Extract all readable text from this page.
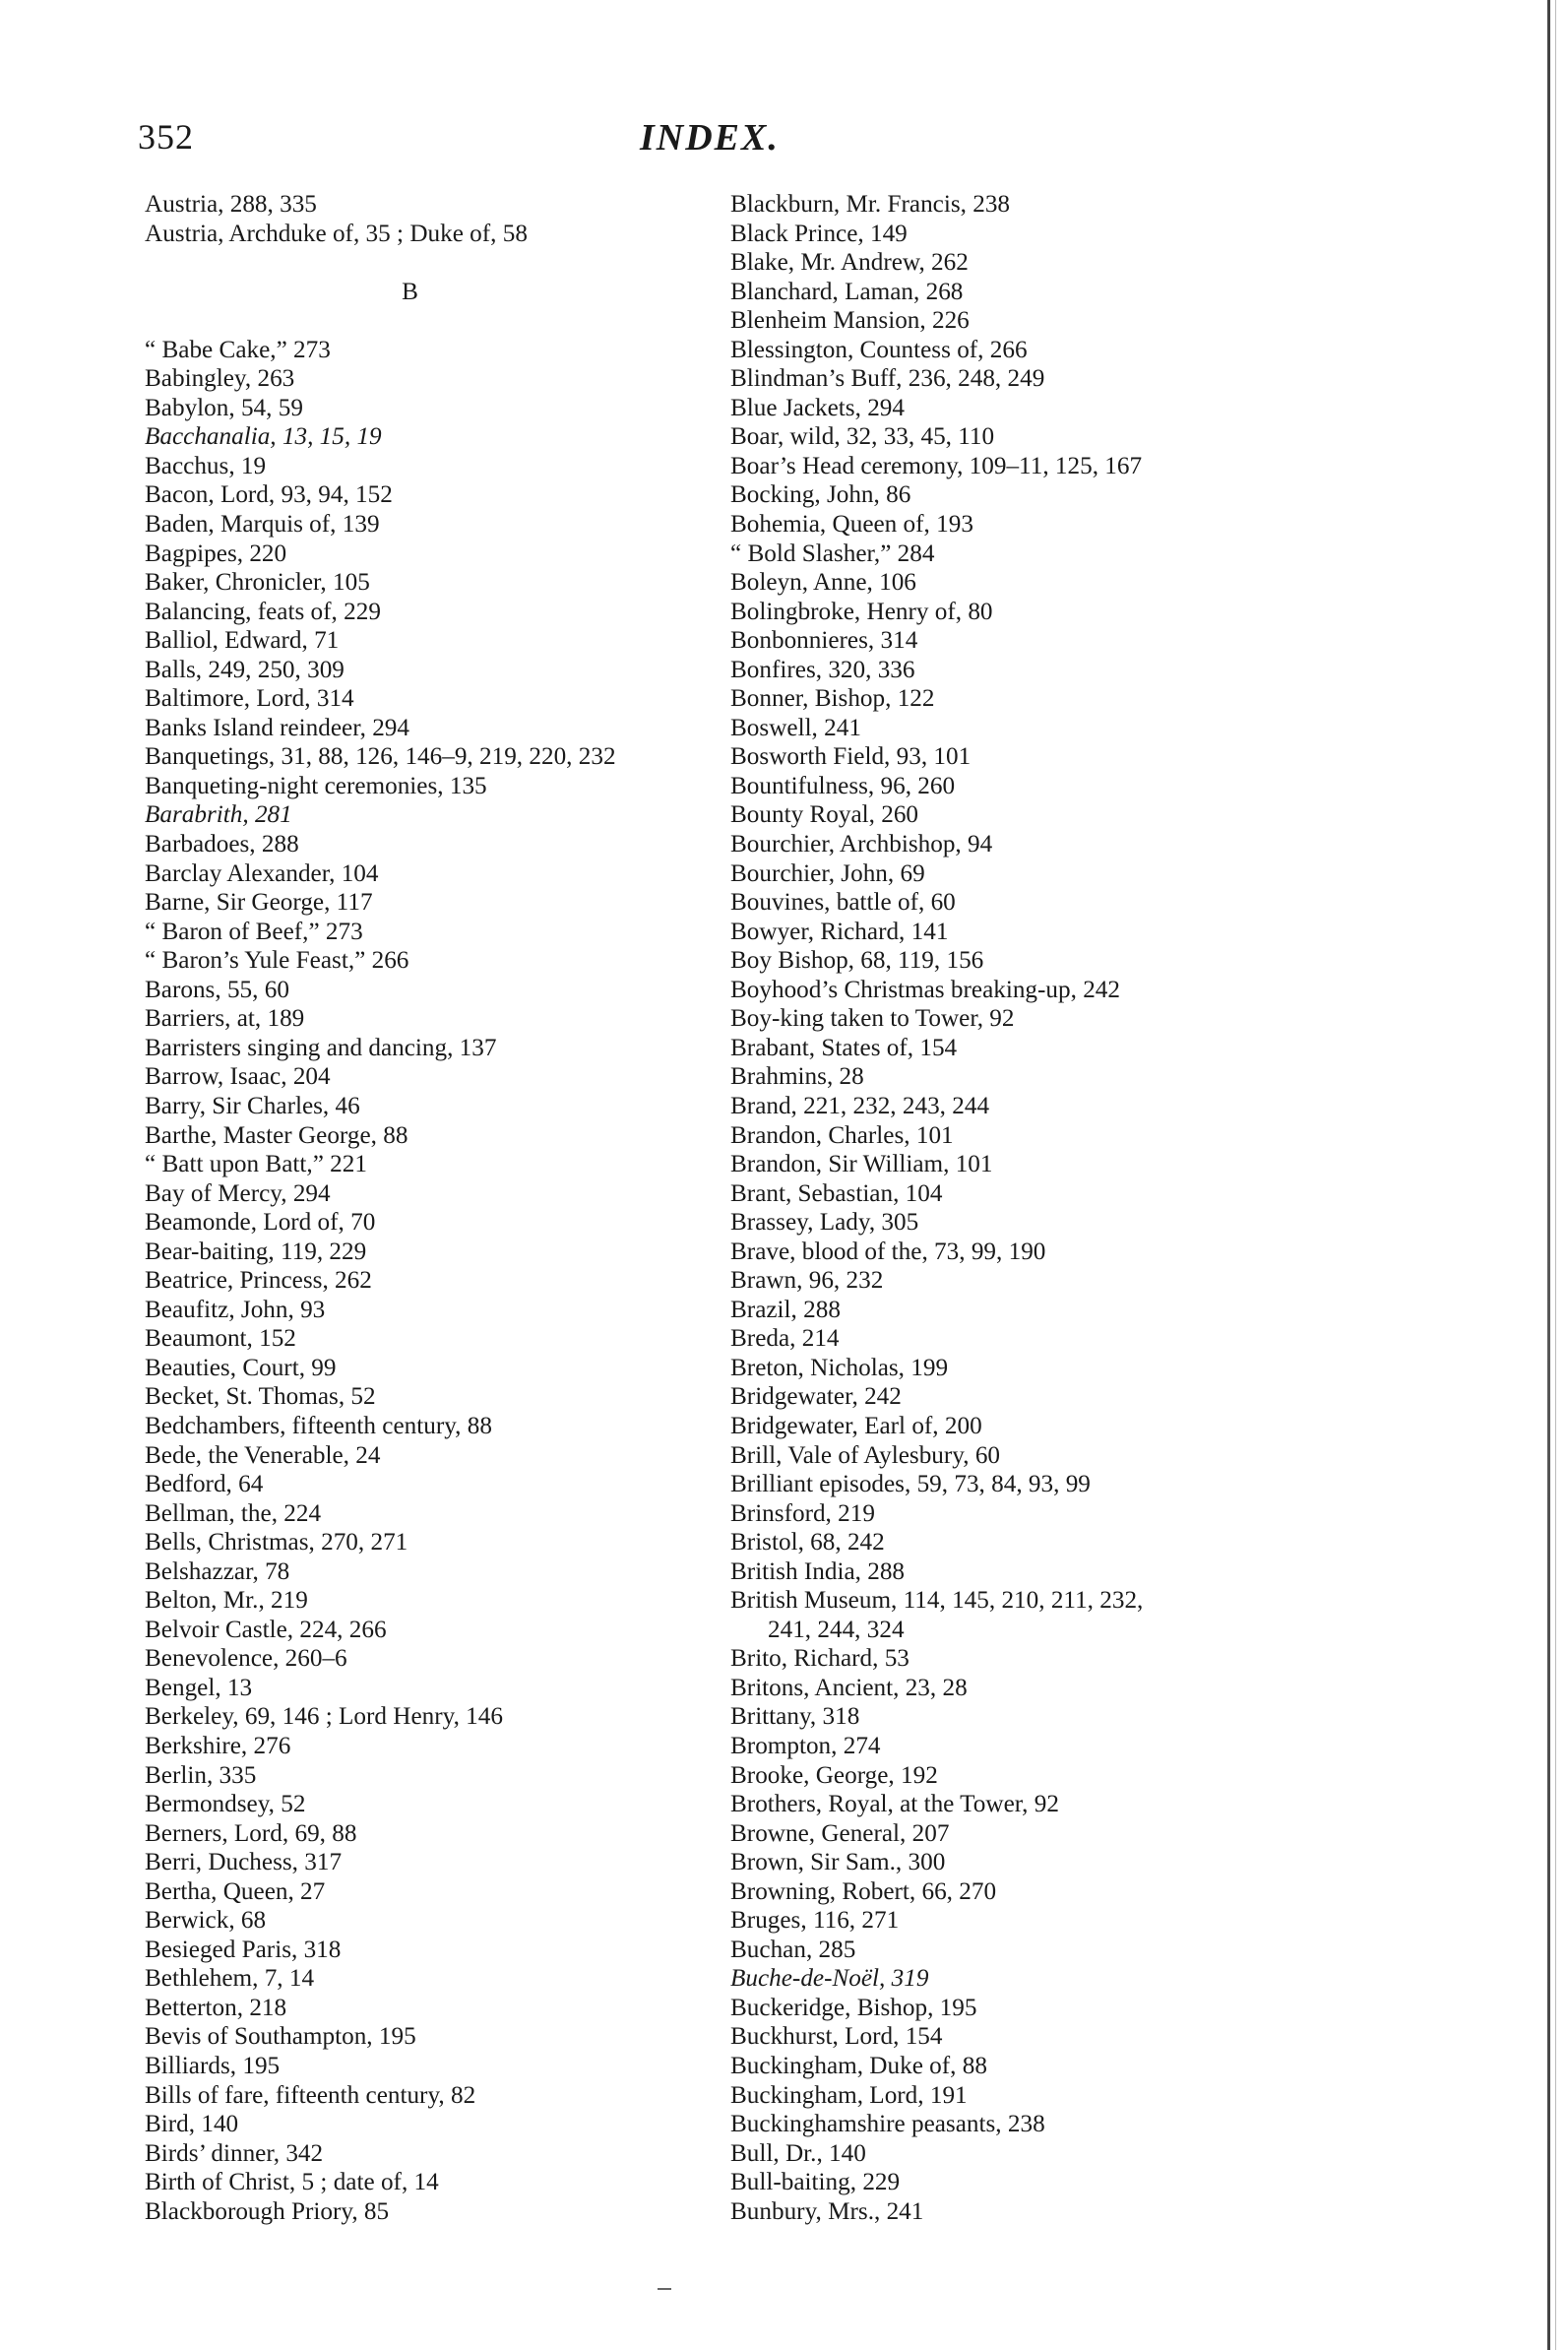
352	INDEX.
Austria, 288, 335
Austria, Archduke of, 35 ; Duke of, 58
B
“ Babe Cake,” 273
Babingley, 263
Babylon, 54, 59
Bacchanalia, 13, 15, 19
Bacchus, 19
Bacon, Lord, 93, 94, 152
Baden, Marquis of, 139
Bagpipes, 220
Baker, Chronicler, 105
Balancing, feats of, 229
Balliol, Edward, 71
Balls, 249, 250, 309
Baltimore, Lord, 314
Banks Island reindeer, 294
Banquetings, 31, 88, 126, 146–9, 219, 220, 232
Banqueting-night ceremonies, 135
Barabrith, 281
Barbadoes, 288
Barclay Alexander, 104
Barne, Sir George, 117
“ Baron of Beef,” 273
“ Baron’s Yule Feast,” 266
Barons, 55, 60
Barriers, at, 189
Barristers singing and dancing, 137
Barrow, Isaac, 204
Barry, Sir Charles, 46
Barthe, Master George, 88
“ Batt upon Batt,” 221
Bay of Mercy, 294
Beamonde, Lord of, 70
Bear-baiting, 119, 229
Beatrice, Princess, 262
Beaufitz, John, 93
Beaumont, 152
Beauties, Court, 99
Becket, St. Thomas, 52
Bedchambers, fifteenth century, 88
Bede, the Venerable, 24
Bedford, 64
Bellman, the, 224
Bells, Christmas, 270, 271
Belshazzar, 78
Belton, Mr., 219
Belvoir Castle, 224, 266
Benevolence, 260–6
Bengel, 13
Berkeley, 69, 146 ; Lord Henry, 146
Berkshire, 276
Berlin, 335
Bermondsey, 52
Berners, Lord, 69, 88
Berri, Duchess, 317
Bertha, Queen, 27
Berwick, 68
Besieged Paris, 318
Bethlehem, 7, 14
Betterton, 218
Bevis of Southampton, 195
Billiards, 195
Bills of fare, fifteenth century, 82
Bird, 140
Birds’ dinner, 342
Birth of Christ, 5 ; date of, 14
Blackborough Priory, 85
Blackburn, Mr. Francis, 238
Black Prince, 149
Blake, Mr. Andrew, 262
Blanchard, Laman, 268
Blenheim Mansion, 226
Blessington, Countess of, 266
Blindman’s Buff, 236, 248, 249
Blue Jackets, 294
Boar, wild, 32, 33, 45, 110
Boar’s Head ceremony, 109–11, 125, 167
Bocking, John, 86
Bohemia, Queen of, 193
“ Bold Slasher,” 284
Boleyn, Anne, 106
Bolingbroke, Henry of, 80
Bonbonnieres, 314
Bonfires, 320, 336
Bonner, Bishop, 122
Boswell, 241
Bosworth Field, 93, 101
Bountifulness, 96, 260
Bounty Royal, 260
Bourchier, Archbishop, 94
Bourchier, John, 69
Bouvines, battle of, 60
Bowyer, Richard, 141
Boy Bishop, 68, 119, 156
Boyhood’s Christmas breaking-up, 242
Boy-king taken to Tower, 92
Brabant, States of, 154
Brahmins, 28
Brand, 221, 232, 243, 244
Brandon, Charles, 101
Brandon, Sir William, 101
Brant, Sebastian, 104
Brassey, Lady, 305
Brave, blood of the, 73, 99, 190
Brawn, 96, 232
Brazil, 288
Breda, 214
Breton, Nicholas, 199
Bridgewater, 242
Bridgewater, Earl of, 200
Brill, Vale of Aylesbury, 60
Brilliant episodes, 59, 73, 84, 93, 99
Brinsford, 219
Bristol, 68, 242
British India, 288
British Museum, 114, 145, 210, 211, 232,
241, 244, 324
Brito, Richard, 53
Britons, Ancient, 23, 28
Brittany, 318
Brompton, 274
Brooke, George, 192
Brothers, Royal, at the Tower, 92
Browne, General, 207
Brown, Sir Sam., 300
Browning, Robert, 66, 270
Bruges, 116, 271
Buchan, 285
Buche-de-Noël, 319
Buckeridge, Bishop, 195
Buckhurst, Lord, 154
Buckingham, Duke of, 88
Buckingham, Lord, 191
Buckinghamshire peasants, 238
Bull, Dr., 140
Bull-baiting, 229
Bunbury, Mrs., 241
